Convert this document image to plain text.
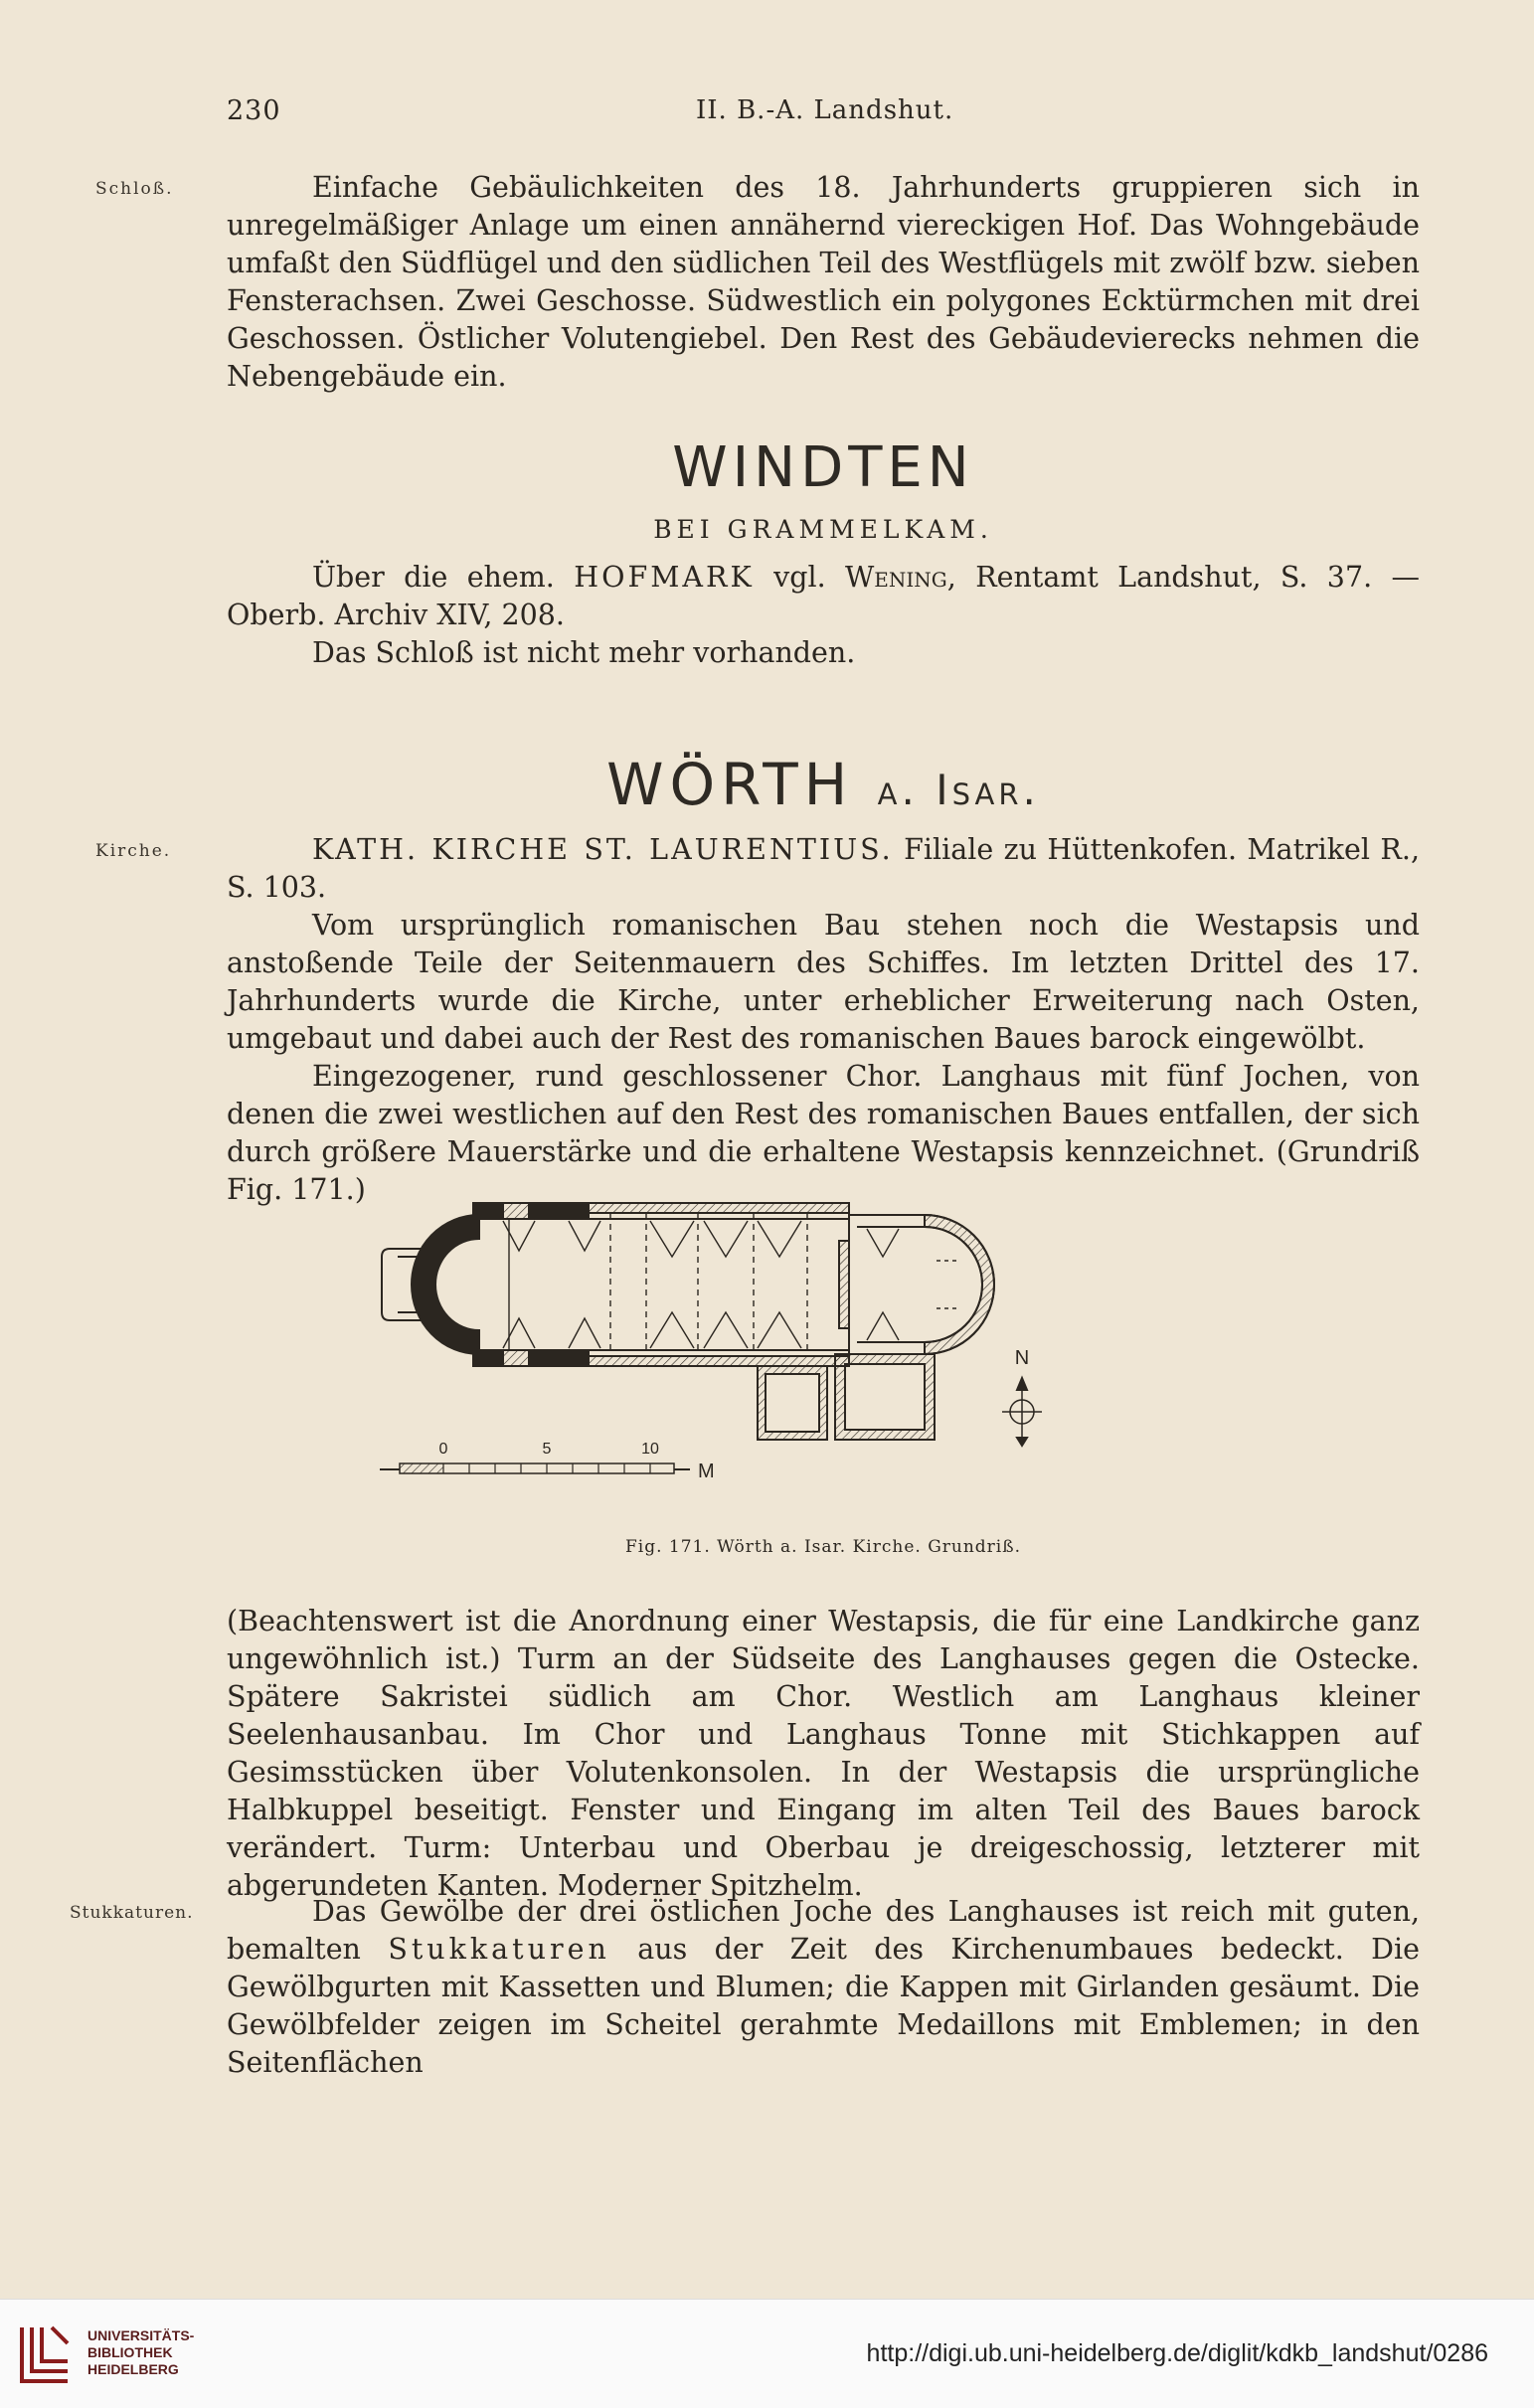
230	II. B.-A. Landshut.
Schloß.	Einfache Gebäulichkeiten des 18. Jahrhunderts gruppieren sich in unregelmäßiger Anlage um einen annähernd viereckigen Hof. Das Wohngebäude umfaßt den Südflügel und den südlichen Teil des Westflügels mit zwölf bzw. sieben Fensterachsen. Zwei Geschosse. Südwestlich ein polygones Ecktürmchen mit drei Geschossen. Östlicher Volutengiebel. Den Rest des Gebäudevierecks nehmen die Nebengebäude ein.

WINDTEN
BEI GRAMMELKAM.

Über die ehem. HOFMARK vgl. Wening, Rentamt Landshut, S. 37. — Oberb. Archiv XIV, 208.

Das Schloß ist nicht mehr vorhanden.

WÖRTH a. Isar.
Kirche.	KATH. KIRCHE ST. LAURENTIUS. Filiale zu Hüttenkofen. Matrikel R., S. 103.

Vom ursprünglich romanischen Bau stehen noch die Westapsis und anstoßende Teile der Seitenmauern des Schiffes. Im letzten Drittel des 17. Jahrhunderts wurde die Kirche, unter erheblicher Erweiterung nach Osten, umgebaut und dabei auch der Rest des romanischen Baues barock eingewölbt.

Eingezogener, rund geschlossener Chor. Langhaus mit fünf Jochen, von denen die zwei westlichen auf den Rest des romanischen Baues entfallen, der sich durch größere Mauerstärke und die erhaltene Westapsis kennzeichnet. (Grundriß Fig. 171.)

N
0	5	10
M
Fig. 171. Wörth a. Isar. Kirche. Grundriß.

(Beachtenswert ist die Anordnung einer Westapsis, die für eine Landkirche ganz ungewöhnlich ist.) Turm an der Südseite des Langhauses gegen die Ostecke. Spätere Sakristei südlich am Chor. Westlich am Langhaus kleiner Seelenhausanbau. Im Chor und Langhaus Tonne mit Stichkappen auf Gesimsstücken über Volutenkonsolen. In der Westapsis die ursprüngliche Halbkuppel beseitigt. Fenster und Eingang im alten Teil des Baues barock verändert. Turm: Unterbau und Oberbau je dreigeschossig, letzterer mit abgerundeten Kanten. Moderner Spitzhelm.

Stukkaturen.	Das Gewölbe der drei östlichen Joche des Langhauses ist reich mit guten, bemalten Stukkaturen aus der Zeit des Kirchenumbaues bedeckt. Die Gewölbgurten mit Kassetten und Blumen; die Kappen mit Girlanden gesäumt. Die Gewölbfelder zeigen im Scheitel gerahmte Medaillons mit Emblemen; in den Seitenflächen

UNIVERSITÄTS-
BIBLIOTHEK
HEIDELBERG
http://digi.ub.uni-heidelberg.de/diglit/kdkb_landshut/0286
